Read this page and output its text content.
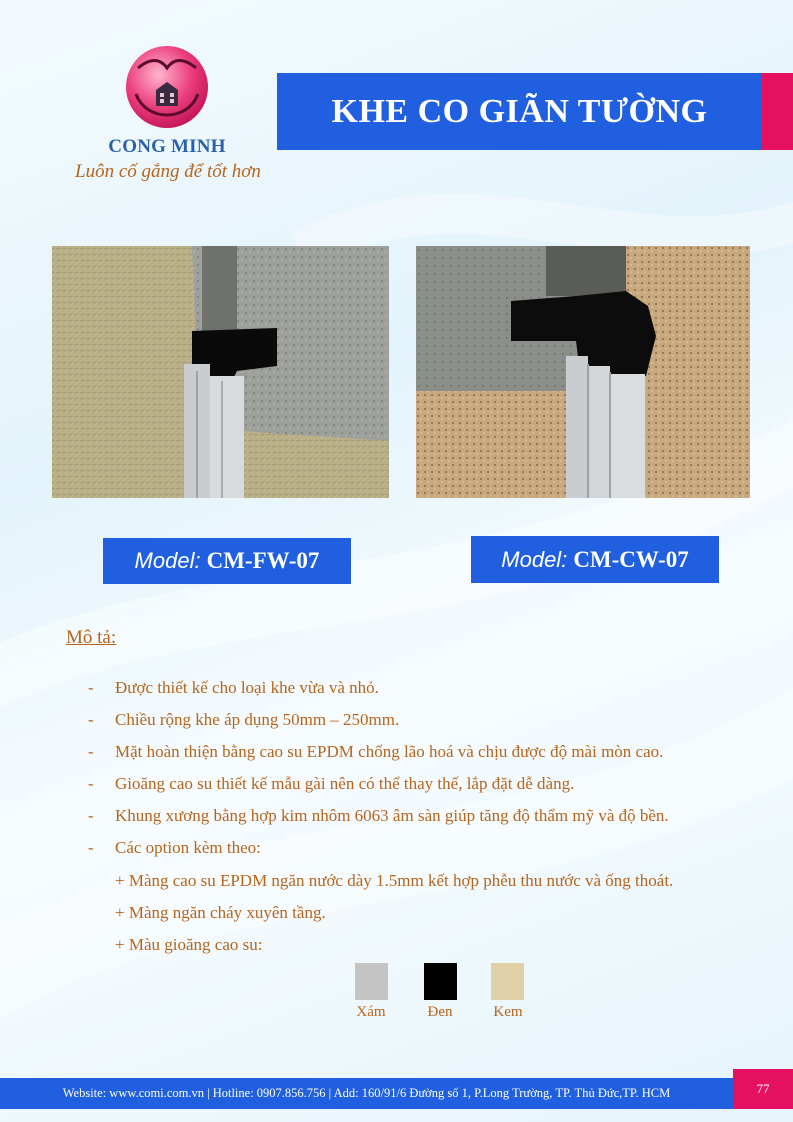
CONG MINH
Luôn cố gắng để tốt hơn
KHE CO GIÃN TƯỜNG
Model: CM-FW-07	Model: CM-CW-07
Mô tả:
- Được thiết kế cho loại khe vừa và nhỏ.
- Chiều rộng khe áp dụng 50mm – 250mm.
- Mặt hoàn thiện bằng cao su EPDM chống lão hoá và chịu được độ mài mòn cao.
- Gioăng cao su thiết kế mẫu gài nên có thể thay thế, lắp đặt dễ dàng.
- Khung xương bằng hợp kim nhôm 6063 âm sàn giúp tăng độ thẩm mỹ và độ bền.
- Các option kèm theo:
+ Màng cao su EPDM ngăn nước dày 1.5mm kết hợp phễu thu nước và ống thoát.
+ Màng ngăn cháy xuyên tầng.
+ Màu gioăng cao su:
Xám	Đen	Kem
Website: www.comi.com.vn | Hotline: 0907.856.756 | Add: 160/91/6 Đường số 1, P.Long Trường, TP. Thủ Đức,TP. HCM	77
